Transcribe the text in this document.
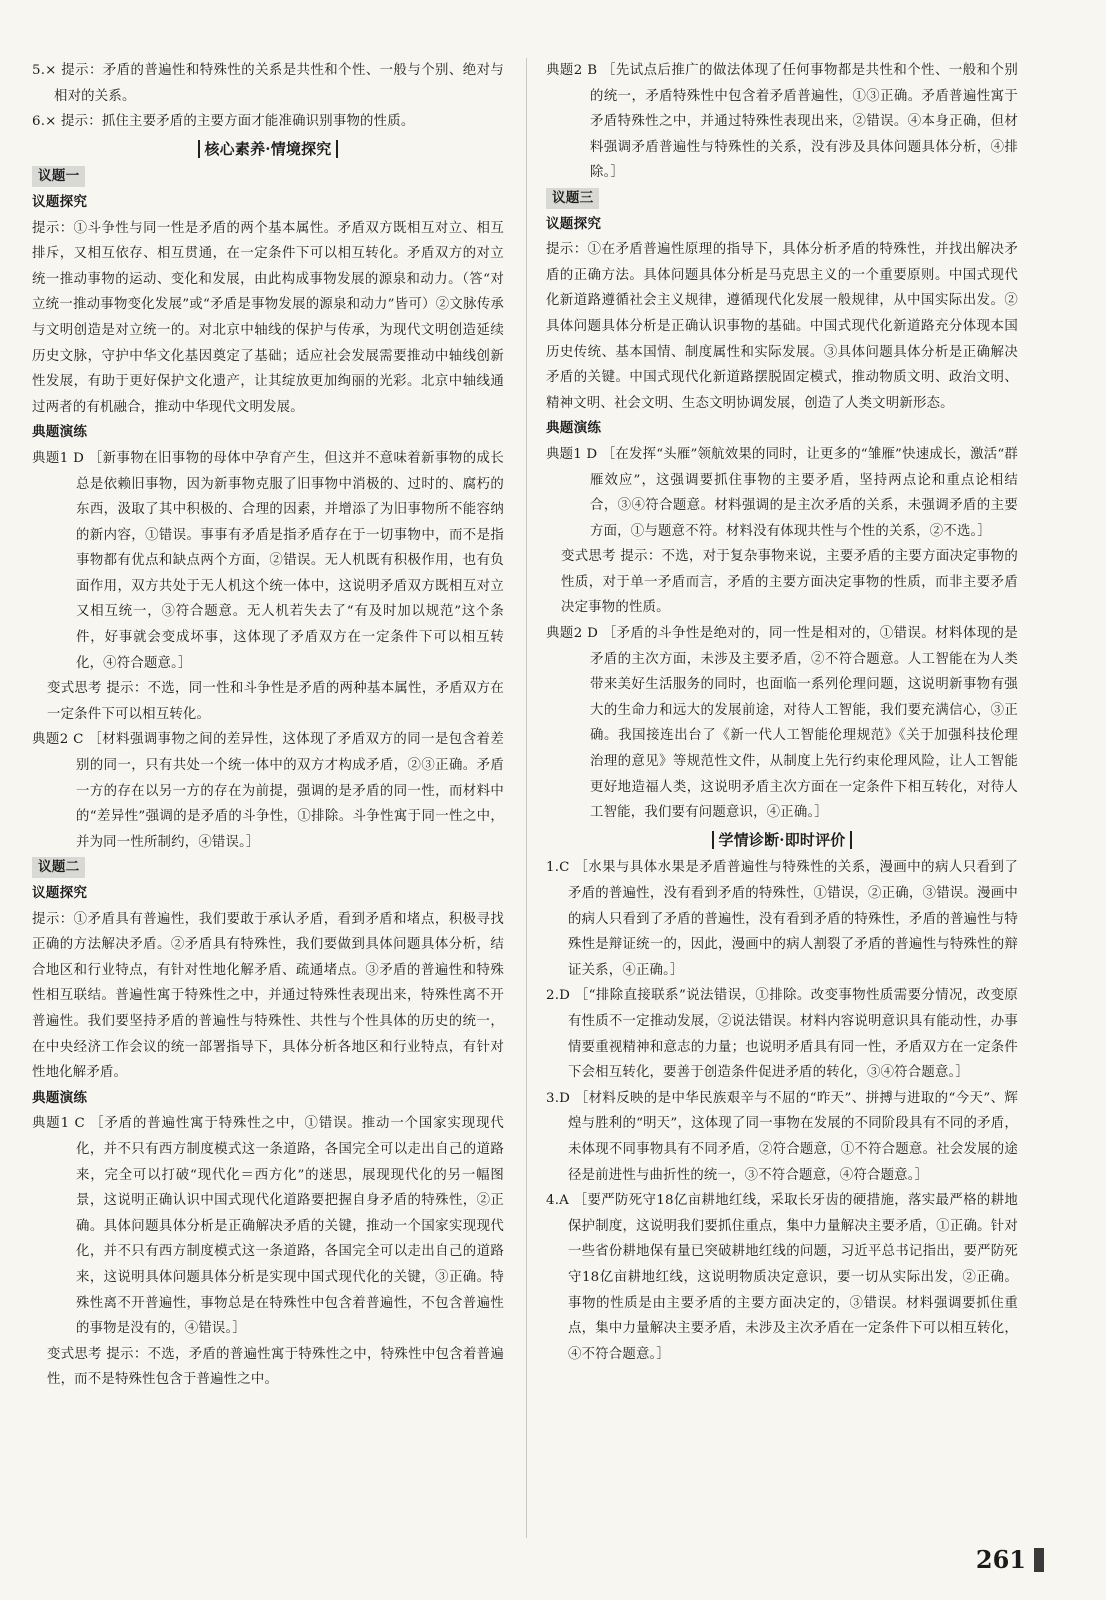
5.× 提示：矛盾的普遍性和特殊性的关系是共性和个性、一般与个别、绝对与相对的关系。

6.× 提示：抓住主要矛盾的主要方面才能准确识别事物的性质。

核心素养·情境探究
议题一
议题探究

提示：①斗争性与同一性是矛盾的两个基本属性。矛盾双方既相互对立、相互排斥，又相互依存、相互贯通，在一定条件下可以相互转化。矛盾双方的对立统一推动事物的运动、变化和发展，由此构成事物发展的源泉和动力。（答“对立统一推动事物变化发展”或“矛盾是事物发展的源泉和动力”皆可）②文脉传承与文明创造是对立统一的。对北京中轴线的保护与传承，为现代文明创造延续历史文脉，守护中华文化基因奠定了基础；适应社会发展需要推动中轴线创新性发展，有助于更好保护文化遗产，让其绽放更加绚丽的光彩。北京中轴线通过两者的有机融合，推动中华现代文明发展。

典题演练

典题1 D ［新事物在旧事物的母体中孕育产生，但这并不意味着新事物的成长总是依赖旧事物，因为新事物克服了旧事物中消极的、过时的、腐朽的东西，汲取了其中积极的、合理的因素，并增添了为旧事物所不能容纳的新内容，①错误。事事有矛盾是指矛盾存在于一切事物中，而不是指事物都有优点和缺点两个方面，②错误。无人机既有积极作用，也有负面作用，双方共处于无人机这个统一体中，这说明矛盾双方既相互对立又相互统一，③符合题意。无人机若失去了“有及时加以规范”这个条件，好事就会变成坏事，这体现了矛盾双方在一定条件下可以相互转化，④符合题意。］

变式思考 提示：不选，同一性和斗争性是矛盾的两种基本属性，矛盾双方在一定条件下可以相互转化。

典题2 C ［材料强调事物之间的差异性，这体现了矛盾双方的同一是包含着差别的同一，只有共处一个统一体中的双方才构成矛盾，②③正确。矛盾一方的存在以另一方的存在为前提，强调的是矛盾的同一性，而材料中的“差异性”强调的是矛盾的斗争性，①排除。斗争性寓于同一性之中，并为同一性所制约，④错误。］

议题二
议题探究

提示：①矛盾具有普遍性，我们要敢于承认矛盾，看到矛盾和堵点，积极寻找正确的方法解决矛盾。②矛盾具有特殊性，我们要做到具体问题具体分析，结合地区和行业特点，有针对性地化解矛盾、疏通堵点。③矛盾的普遍性和特殊性相互联结。普遍性寓于特殊性之中，并通过特殊性表现出来，特殊性离不开普遍性。我们要坚持矛盾的普遍性与特殊性、共性与个性具体的历史的统一，在中央经济工作会议的统一部署指导下，具体分析各地区和行业特点，有针对性地化解矛盾。

典题演练

典题1 C ［矛盾的普遍性寓于特殊性之中，①错误。推动一个国家实现现代化，并不只有西方制度模式这一条道路，各国完全可以走出自己的道路来，完全可以打破“现代化＝西方化”的迷思，展现现代化的另一幅图景，这说明正确认识中国式现代化道路要把握自身矛盾的特殊性，②正确。具体问题具体分析是正确解决矛盾的关键，推动一个国家实现现代化，并不只有西方制度模式这一条道路，各国完全可以走出自己的道路来，这说明具体问题具体分析是实现中国式现代化的关键，③正确。特殊性离不开普遍性，事物总是在特殊性中包含着普遍性，不包含普遍性的事物是没有的，④错误。］

变式思考 提示：不选，矛盾的普遍性寓于特殊性之中，特殊性中包含着普遍性，而不是特殊性包含于普遍性之中。

典题2 B ［先试点后推广的做法体现了任何事物都是共性和个性、一般和个别的统一，矛盾特殊性中包含着矛盾普遍性，①③正确。矛盾普遍性寓于矛盾特殊性之中，并通过特殊性表现出来，②错误。④本身正确，但材料强调矛盾普遍性与特殊性的关系，没有涉及具体问题具体分析，④排除。］

议题三
议题探究

提示：①在矛盾普遍性原理的指导下，具体分析矛盾的特殊性，并找出解决矛盾的正确方法。具体问题具体分析是马克思主义的一个重要原则。中国式现代化新道路遵循社会主义规律，遵循现代化发展一般规律，从中国实际出发。②具体问题具体分析是正确认识事物的基础。中国式现代化新道路充分体现本国历史传统、基本国情、制度属性和实际发展。③具体问题具体分析是正确解决矛盾的关键。中国式现代化新道路摆脱固定模式，推动物质文明、政治文明、精神文明、社会文明、生态文明协调发展，创造了人类文明新形态。

典题演练

典题1 D ［在发挥“头雁”领航效果的同时，让更多的“雏雁”快速成长，激活“群雁效应”，这强调要抓住事物的主要矛盾，坚持两点论和重点论相结合，③④符合题意。材料强调的是主次矛盾的关系，未强调矛盾的主要方面，①与题意不符。材料没有体现共性与个性的关系，②不选。］

变式思考 提示：不选，对于复杂事物来说，主要矛盾的主要方面决定事物的性质，对于单一矛盾而言，矛盾的主要方面决定事物的性质，而非主要矛盾决定事物的性质。

典题2 D ［矛盾的斗争性是绝对的，同一性是相对的，①错误。材料体现的是矛盾的主次方面，未涉及主要矛盾，②不符合题意。人工智能在为人类带来美好生活服务的同时，也面临一系列伦理问题，这说明新事物有强大的生命力和远大的发展前途，对待人工智能，我们要充满信心，③正确。我国接连出台了《新一代人工智能伦理规范》《关于加强科技伦理治理的意见》等规范性文件，从制度上先行约束伦理风险，让人工智能更好地造福人类，这说明矛盾主次方面在一定条件下相互转化，对待人工智能，我们要有问题意识，④正确。］

学情诊断·即时评价

1.C ［水果与具体水果是矛盾普遍性与特殊性的关系，漫画中的病人只看到了矛盾的普遍性，没有看到矛盾的特殊性，①错误，②正确，③错误。漫画中的病人只看到了矛盾的普遍性，没有看到矛盾的特殊性，矛盾的普遍性与特殊性是辩证统一的，因此，漫画中的病人割裂了矛盾的普遍性与特殊性的辩证关系，④正确。］

2.D ［“排除直接联系”说法错误，①排除。改变事物性质需要分情况，改变原有性质不一定推动发展，②说法错误。材料内容说明意识具有能动性，办事情要重视精神和意志的力量；也说明矛盾具有同一性，矛盾双方在一定条件下会相互转化，要善于创造条件促进矛盾的转化，③④符合题意。］

3.D ［材料反映的是中华民族艰辛与不屈的“昨天”、拼搏与进取的“今天”、辉煌与胜利的“明天”，这体现了同一事物在发展的不同阶段具有不同的矛盾，未体现不同事物具有不同矛盾，②符合题意，①不符合题意。社会发展的途径是前进性与曲折性的统一，③不符合题意，④符合题意。］

4.A ［要严防死守18亿亩耕地红线，采取长牙齿的硬措施，落实最严格的耕地保护制度，这说明我们要抓住重点，集中力量解决主要矛盾，①正确。针对一些省份耕地保有量已突破耕地红线的问题，习近平总书记指出，要严防死守18亿亩耕地红线，这说明物质决定意识，要一切从实际出发，②正确。事物的性质是由主要矛盾的主要方面决定的，③错误。材料强调要抓住重点，集中力量解决主要矛盾，未涉及主次矛盾在一定条件下可以相互转化，④不符合题意。］

261
